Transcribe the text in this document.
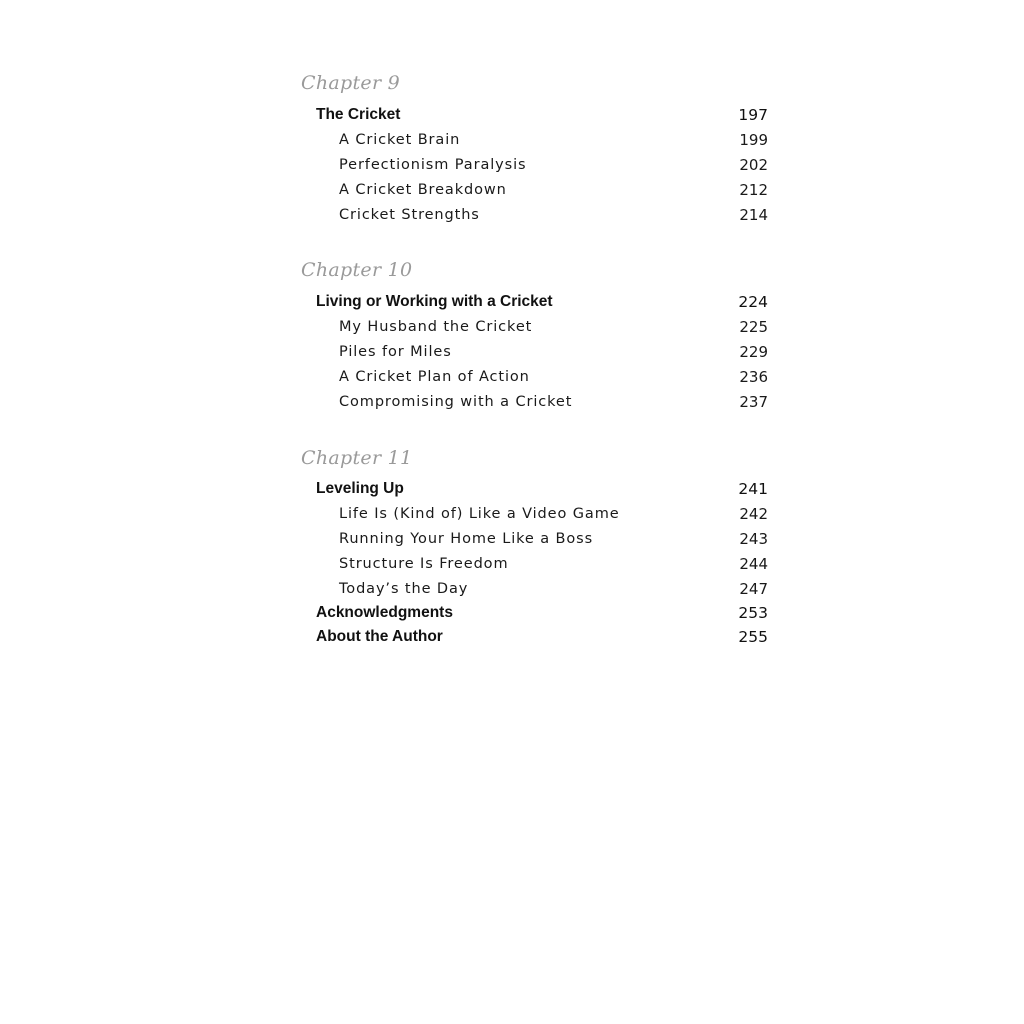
Chapter 9
The Cricket	197
A Cricket Brain	199
Perfectionism Paralysis	202
A Cricket Breakdown	212
Cricket Strengths	214
Chapter 10
Living or Working with a Cricket	224
My Husband the Cricket	225
Piles for Miles	229
A Cricket Plan of Action	236
Compromising with a Cricket	237
Chapter 11
Leveling Up	241
Life Is (Kind of) Like a Video Game	242
Running Your Home Like a Boss	243
Structure Is Freedom	244
Today’s the Day	247
Acknowledgments	253
About the Author	255
